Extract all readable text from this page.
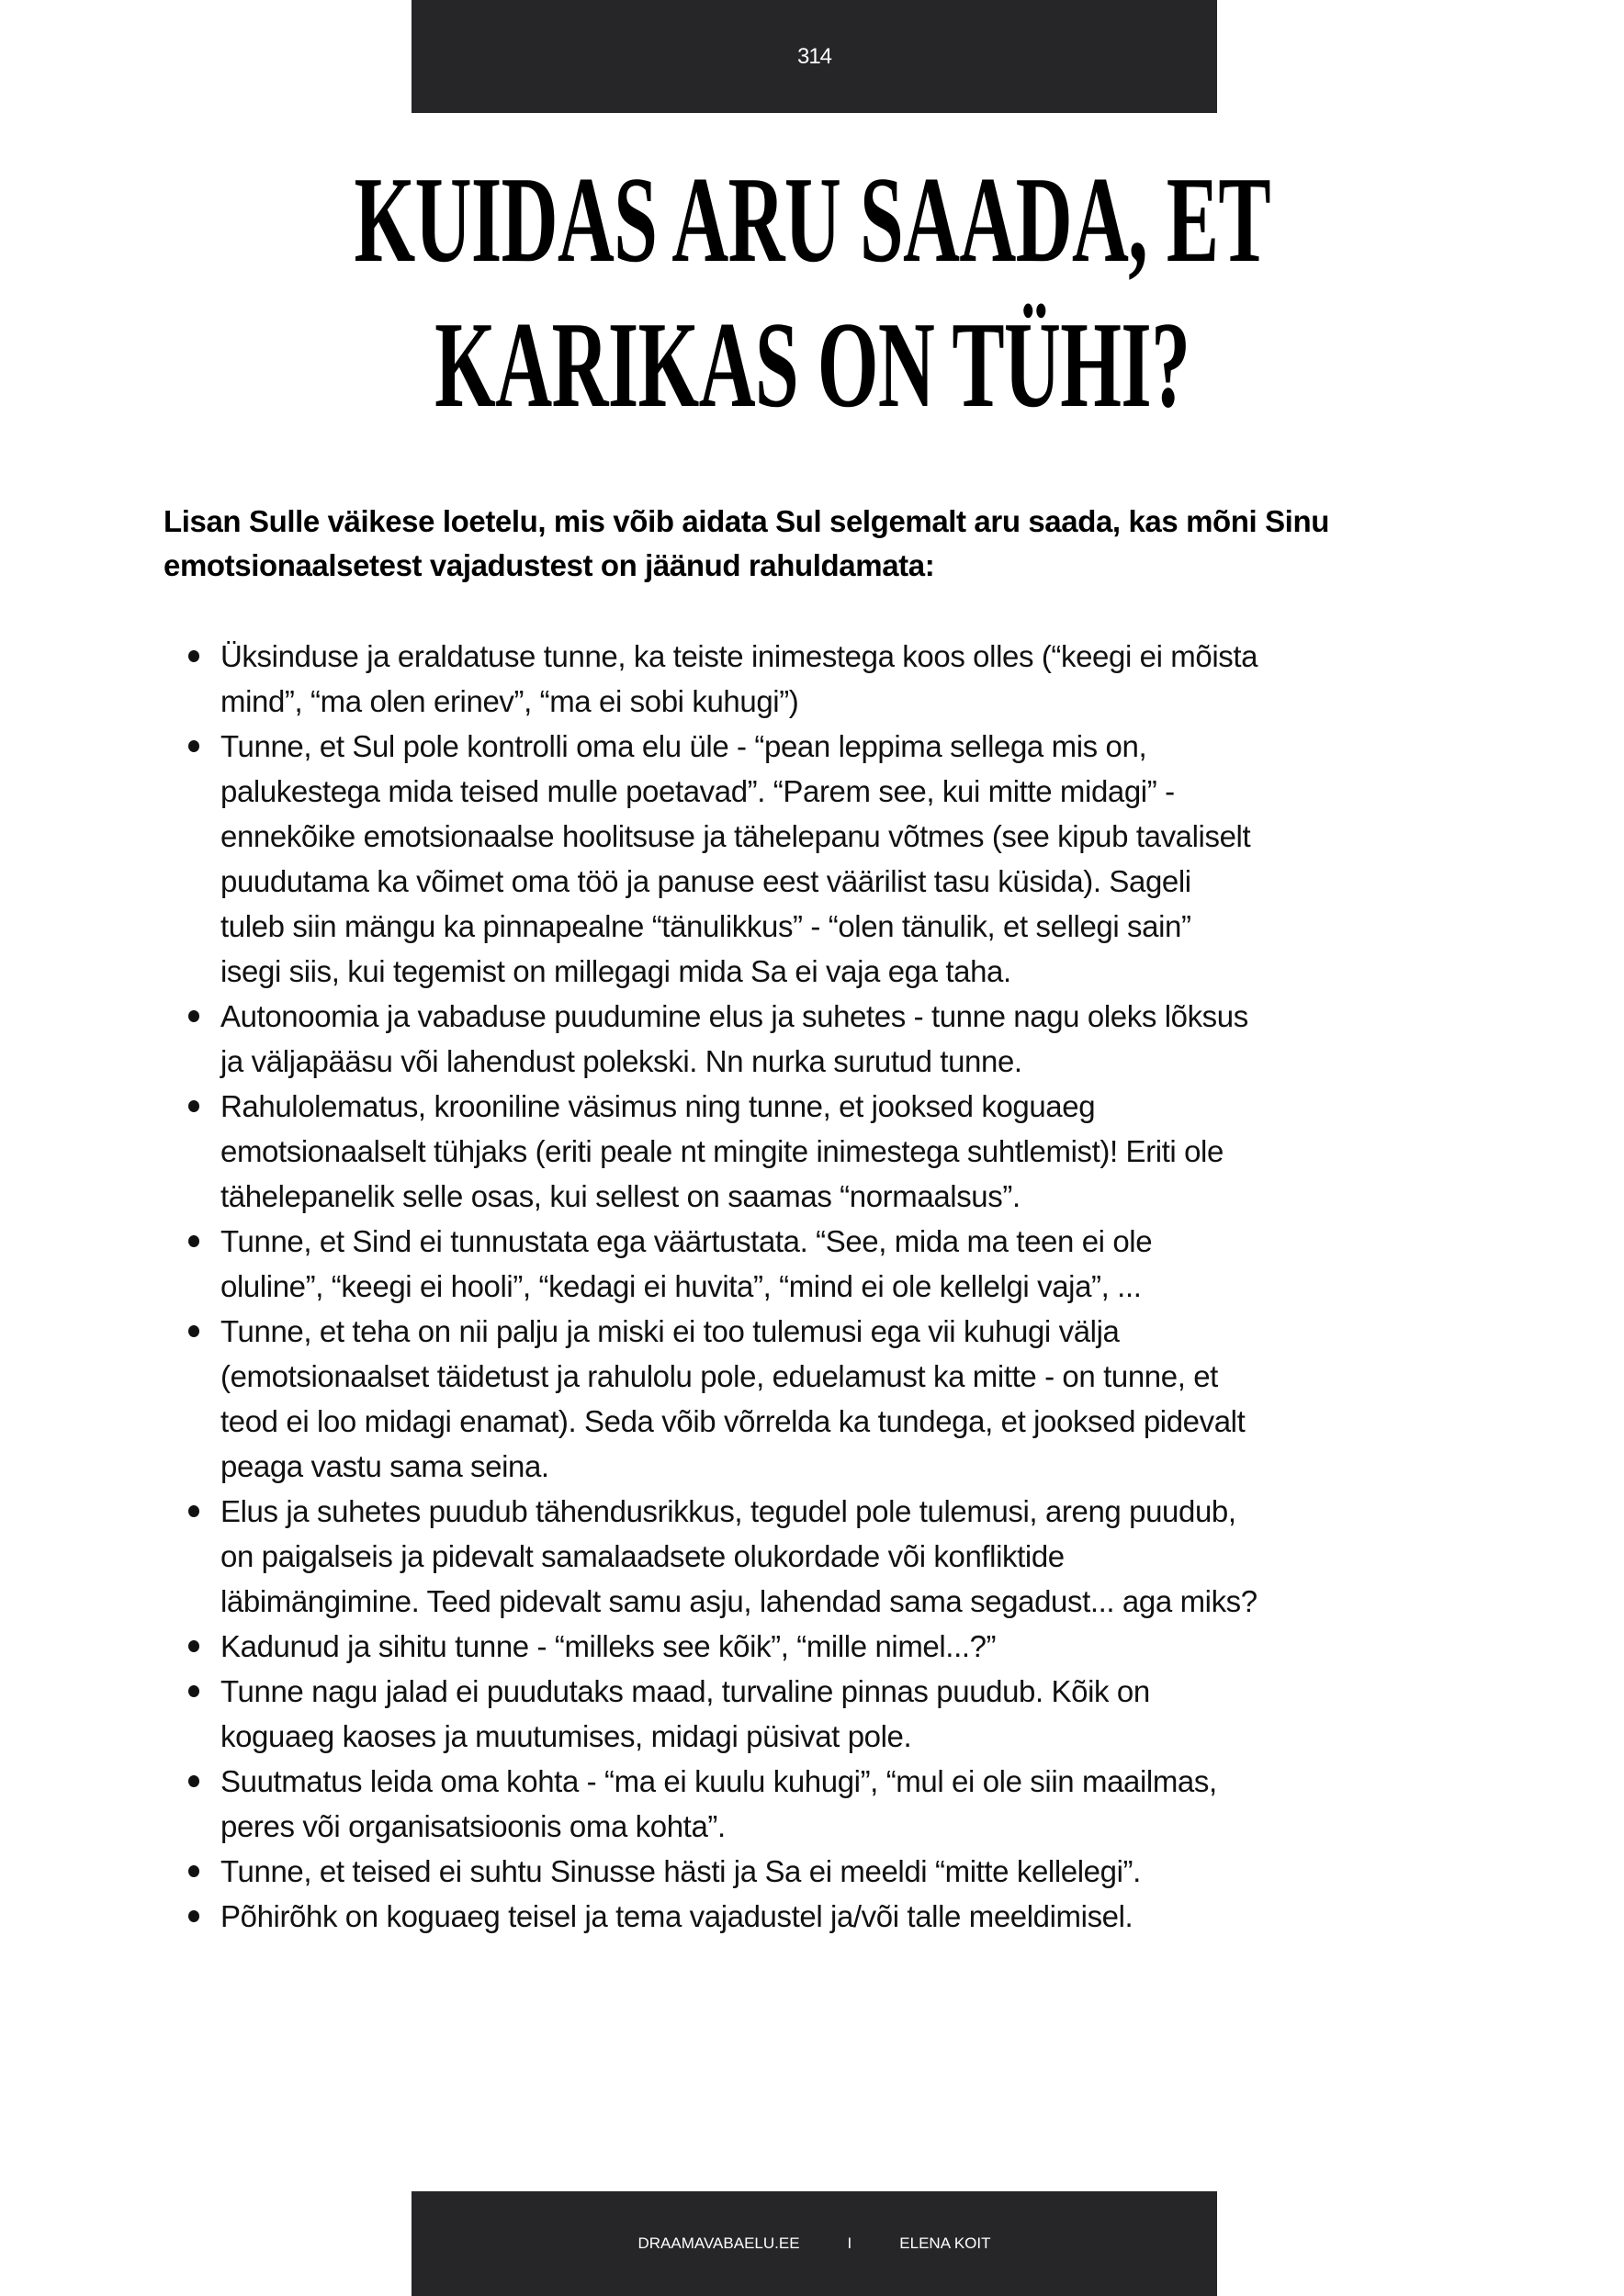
314
KUIDAS ARU SAADA, ET
KARIKAS ON TÜHI?
Lisan Sulle väikese loetelu, mis võib aidata Sul selgemalt aru saada, kas mõni Sinu
emotsionaalsetest vajadustest on jäänud rahuldamata:
Üksinduse ja eraldatuse tunne, ka teiste inimestega koos olles (“keegi ei mõista
mind”, “ma olen erinev”, “ma ei sobi kuhugi”)
Tunne, et Sul pole kontrolli oma elu üle - “pean leppima sellega mis on,
palukestega mida teised mulle poetavad”. “Parem see, kui mitte midagi” -
ennekõike emotsionaalse hoolitsuse ja tähelepanu võtmes (see kipub tavaliselt
puudutama ka võimet oma töö ja panuse eest väärilist tasu küsida). Sageli
tuleb siin mängu ka pinnapealne “tänulikkus” - “olen tänulik, et sellegi sain”
isegi siis, kui tegemist on millegagi mida Sa ei vaja ega taha.
Autonoomia ja vabaduse puudumine elus ja suhetes - tunne nagu oleks lõksus
ja väljapääsu või lahendust polekski. Nn nurka surutud tunne.
Rahulolematus, krooniline väsimus ning tunne, et jooksed koguaeg
emotsionaalselt tühjaks (eriti peale nt mingite inimestega suhtlemist)! Eriti ole
tähelepanelik selle osas, kui sellest on saamas “normaalsus”.
Tunne, et Sind ei tunnustata ega väärtustata. “See, mida ma teen ei ole
oluline”, “keegi ei hooli”, “kedagi ei huvita”, “mind ei ole kellelgi vaja”, ...
Tunne, et teha on nii palju ja miski ei too tulemusi ega vii kuhugi välja
(emotsionaalset täidetust ja rahulolu pole, eduelamust ka mitte - on tunne, et
teod ei loo midagi enamat). Seda võib võrrelda ka tundega, et jooksed pidevalt
peaga vastu sama seina.
Elus ja suhetes puudub tähendusrikkus, tegudel pole tulemusi, areng puudub,
on paigalseis ja pidevalt samalaadsete olukordade või konfliktide
läbimängimine. Teed pidevalt samu asju, lahendad sama segadust... aga miks?
Kadunud ja sihitu tunne - “milleks see kõik”, “mille nimel...?”
Tunne nagu jalad ei puudutaks maad, turvaline pinnas puudub. Kõik on
koguaeg kaoses ja muutumises, midagi püsivat pole.
Suutmatus leida oma kohta - “ma ei kuulu kuhugi”, “mul ei ole siin maailmas,
peres või organisatsioonis oma kohta”.
Tunne, et teised ei suhtu Sinusse hästi ja Sa ei meeldi “mitte kellelegi”.
Põhirõhk on koguaeg teisel ja tema vajadustel ja/või talle meeldimisel.
DRAAMAVABAELU.EE	I	ELENA KOIT
